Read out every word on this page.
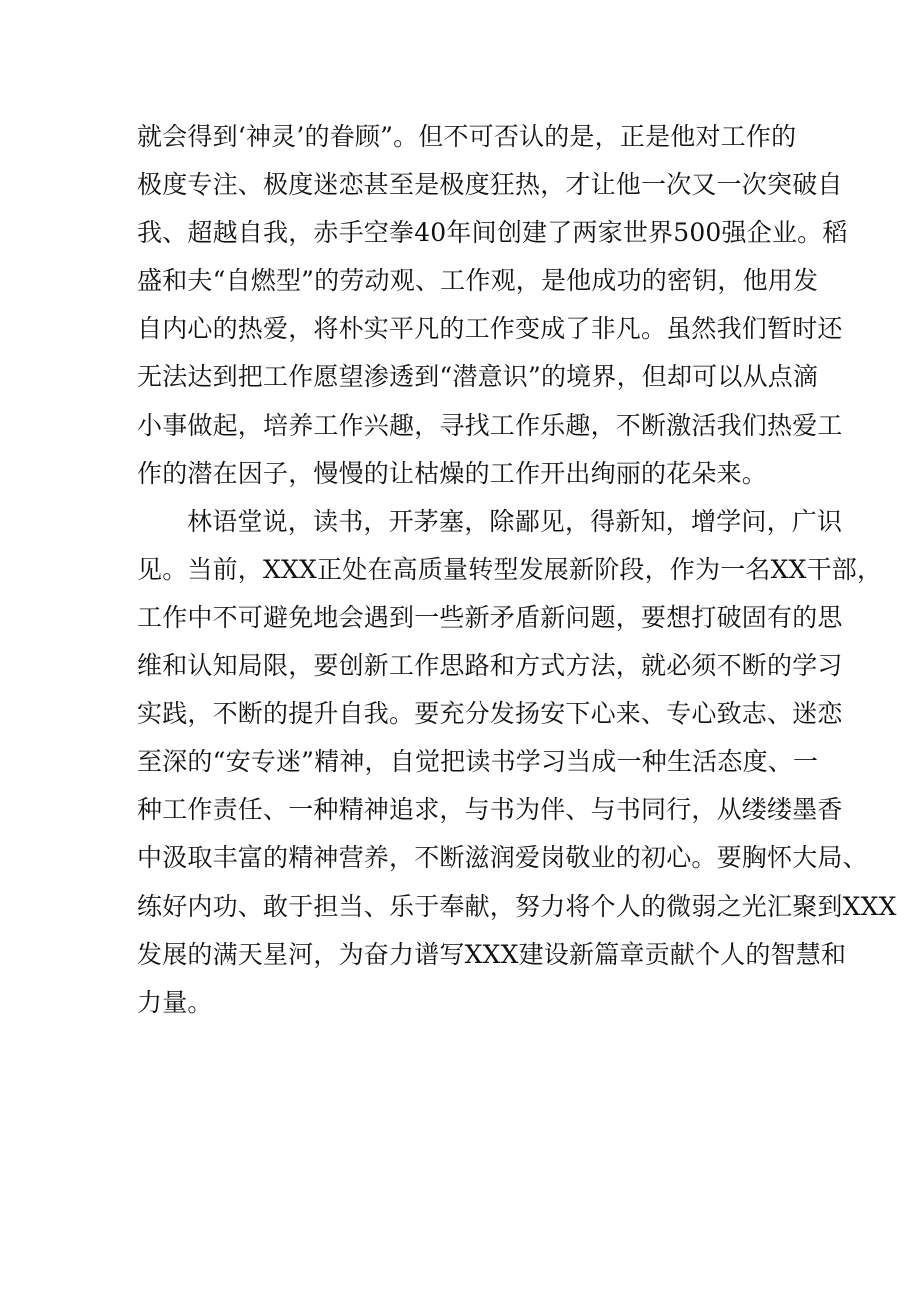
就会得到‘神灵’的眷顾”。但不可否认的是，正是他对工作的
极度专注、极度迷恋甚至是极度狂热，才让他一次又一次突破自
我、超越自我，赤手空拳40年间创建了两家世界500强企业。稻
盛和夫“自燃型”的劳动观、工作观，是他成功的密钥，他用发
自内心的热爱，将朴实平凡的工作变成了非凡。虽然我们暂时还
无法达到把工作愿望渗透到“潜意识”的境界，但却可以从点滴
小事做起，培养工作兴趣，寻找工作乐趣，不断激活我们热爱工
作的潜在因子，慢慢的让枯燥的工作开出绚丽的花朵来。
林语堂说，读书，开茅塞，除鄙见，得新知，增学问，广识
见。当前，XXX正处在高质量转型发展新阶段，作为一名XX干部，
工作中不可避免地会遇到一些新矛盾新问题，要想打破固有的思
维和认知局限，要创新工作思路和方式方法，就必须不断的学习
实践，不断的提升自我。要充分发扬安下心来、专心致志、迷恋
至深的“安专迷”精神，自觉把读书学习当成一种生活态度、一
种工作责任、一种精神追求，与书为伴、与书同行，从缕缕墨香
中汲取丰富的精神营养，不断滋润爱岗敬业的初心。要胸怀大局、
练好内功、敢于担当、乐于奉献，努力将个人的微弱之光汇聚到XXX
发展的满天星河，为奋力谱写XXX建设新篇章贡献个人的智慧和
力量。
